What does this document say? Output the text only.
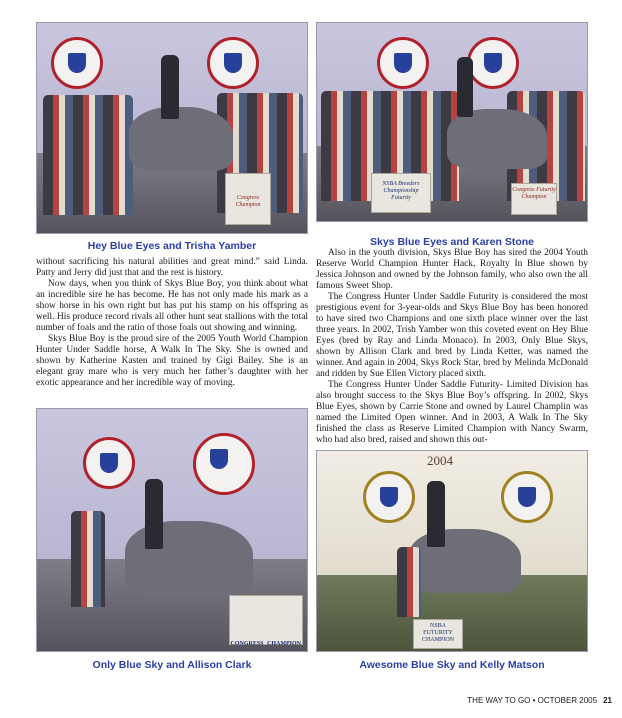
Congress Champion
Hey Blue Eyes and Trisha Yamber
NSBA Breeders Championship Futurity
Congress Futurity Champion
Skys Blue Eyes and Karen Stone

without sacrificing his natural abilities and great mind.” said Linda. Patty and Jerry did just that and the rest is history.

Now days, when you think of Skys Blue Boy, you think about what an incredible sire he has become. He has not only made his mark as a show horse in his own right but has put his stamp on his offspring as well. His produce record rivals all other hunt seat stallions with the total number of foals and the ratio of those foals out showing and winning.

Skys Blue Boy is the proud sire of the 2005 Youth World Champion Hunter Under Saddle horse, A Walk In The Sky. She is owned and shown by Katherine Kasten and trained by Gigi Bailey. She is an elegant gray mare who is very much her father’s daughter with her exotic appearance and her incredible way of moving.

Also in the youth division, Skys Blue Boy has sired the 2004 Youth Reserve World Champion Hunter Hack, Royalty In Blue shown by Jessica Johnson and owned by the Johnson family, who also own the all famous Sweet Shop.

The Congress Hunter Under Saddle Futurity is considered the most prestigious event for 3-year-olds and Skys Blue Boy has been honored to have sired two Champions and one sixth place winner over the last three years. In 2002, Trish Yamber won this coveted event on Hey Blue Eyes (bred by Ray and Linda Monaco). In 2003, Only Blue Skys, shown by Allison Clark and bred by Linda Ketter, was named the winner. And again in 2004, Skys Rock Star, bred by Melinda McDonald and ridden by Sue Ellen Victory placed sixth.

The Congress Hunter Under Saddle Futurity- Limited Division has also brought success to the Skys Blue Boy’s offspring. In 2002, Skys Blue Eyes, shown by Carrie Stone and owned by Laurel Champlin was named the Limited Open winner. And in 2003, A Walk In The Sky finished the class as Reserve Limited Champion with Nancy Swarm, who had also bred, raised and shown this out-

CONGRESS CHAMPION
Only Blue Sky and Allison Clark
2004
NSBA FUTURITY CHAMPION
Awesome Blue Sky and Kelly Matson
THE WAY TO GO • OCTOBER 2005 21
